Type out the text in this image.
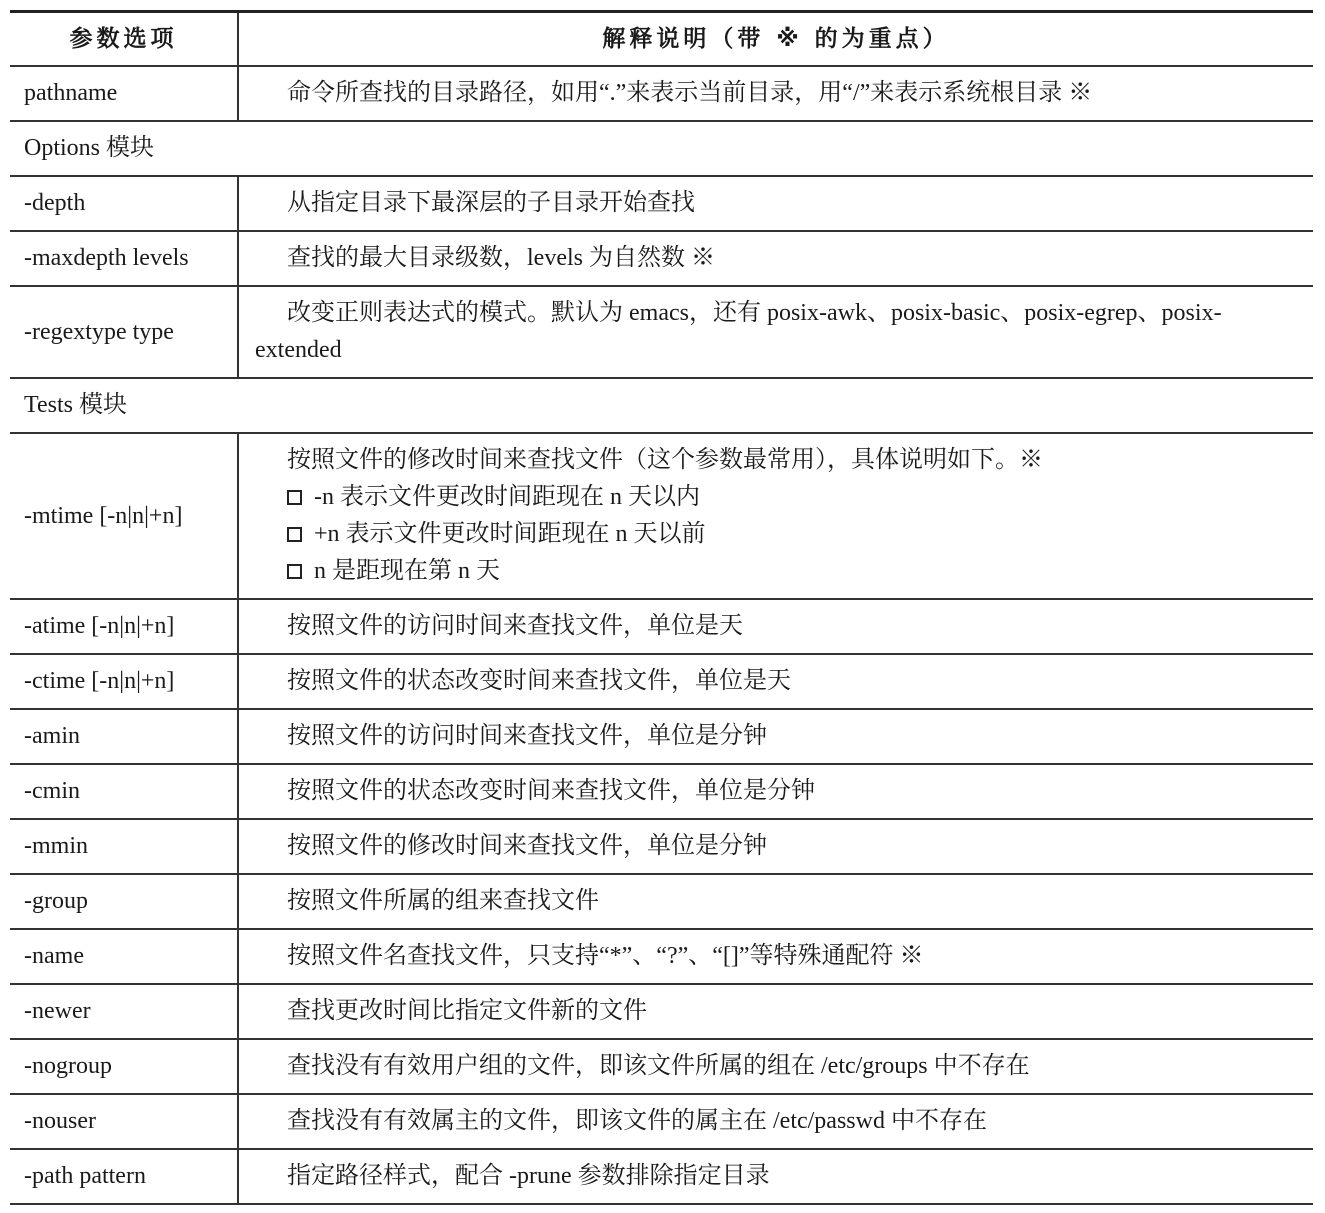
参数选项	解释说明（带 ※ 的为重点）
pathname	命令所查找的目录路径，如用“.”来表示当前目录，用“/”来表示系统根目录 ※

Options 模块	
-depth	从指定目录下最深层的子目录开始查找

-maxdepth levels	查找的最大目录级数，levels 为自然数 ※

-regextype type	改变正则表达式的模式。默认为 emacs，还有 posix-awk、posix-basic、posix-egrep、posix-extended

Tests 模块	
-mtime [-n|n|+n]	按照文件的修改时间来查找文件（这个参数最常用），具体说明如下。※
-n 表示文件更改时间距现在 n 天以内
+n 表示文件更改时间距现在 n 天以前
n 是距现在第 n 天

-atime [-n|n|+n]	按照文件的访问时间来查找文件，单位是天

-ctime [-n|n|+n]	按照文件的状态改变时间来查找文件，单位是天

-amin	按照文件的访问时间来查找文件，单位是分钟

-cmin	按照文件的状态改变时间来查找文件，单位是分钟

-mmin	按照文件的修改时间来查找文件，单位是分钟

-group	按照文件所属的组来查找文件

-name	按照文件名查找文件，只支持“*”、“?”、“[]”等特殊通配符 ※

-newer	查找更改时间比指定文件新的文件

-nogroup	查找没有有效用户组的文件，即该文件所属的组在 /etc/groups 中不存在

-nouser	查找没有有效属主的文件，即该文件的属主在 /etc/passwd 中不存在

-path pattern	指定路径样式，配合 -prune 参数排除指定目录
